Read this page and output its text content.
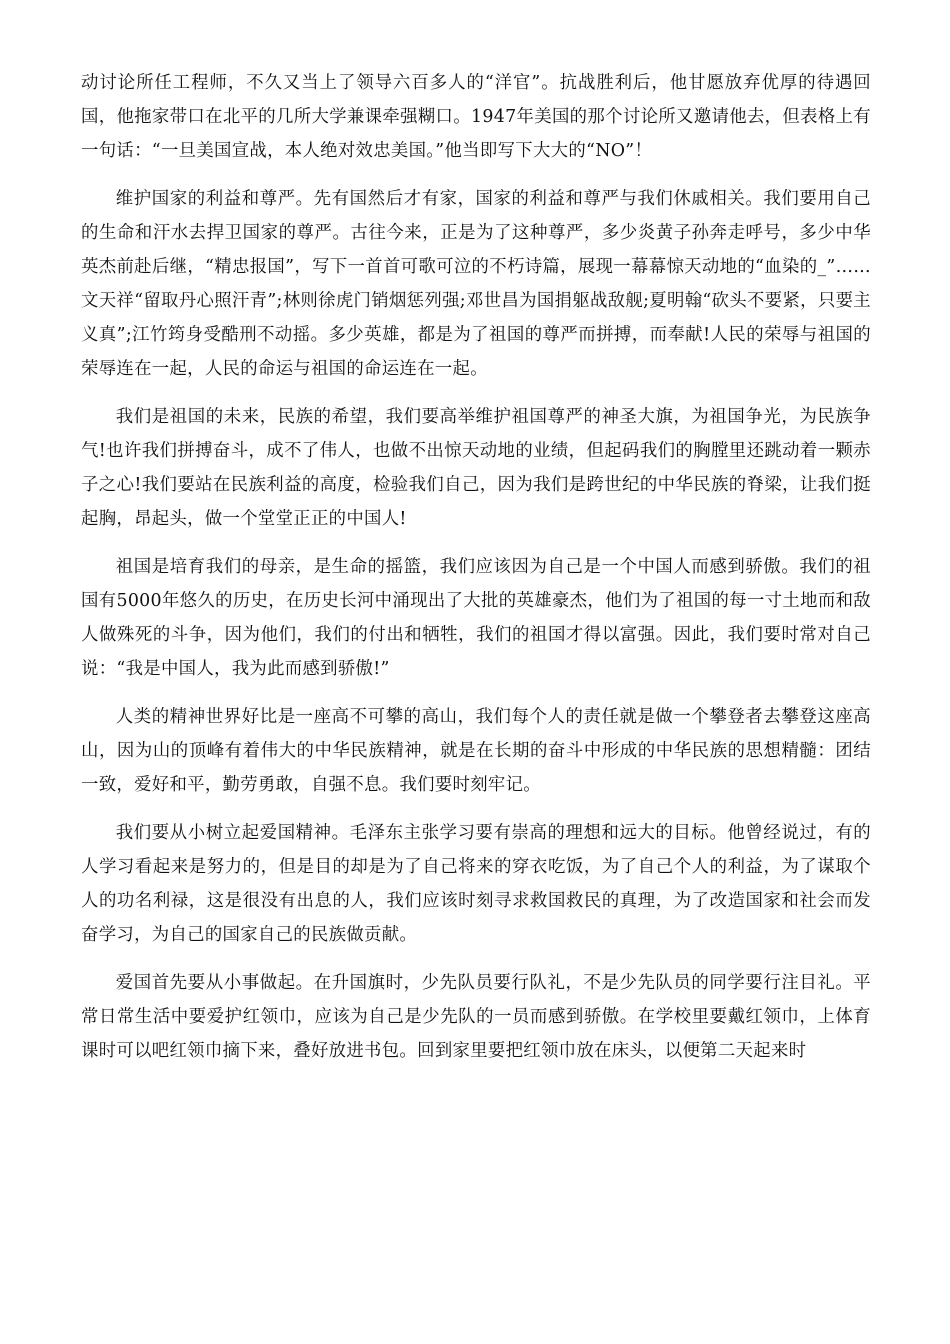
动讨论所任工程师，不久又当上了领导六百多人的“洋官”。抗战胜利后，他甘愿放弃优厚的待遇回国，他拖家带口在北平的几所大学兼课牵强糊口。1947年美国的那个讨论所又邀请他去，但表格上有一句话：“一旦美国宣战，本人绝对效忠美国。”他当即写下大大的“NO”！

维护国家的利益和尊严。先有国然后才有家，国家的利益和尊严与我们休戚相关。我们要用自己的生命和汗水去捍卫国家的尊严。古往今来，正是为了这种尊严，多少炎黄子孙奔走呼号，多少中华英杰前赴后继，“精忠报国”，写下一首首可歌可泣的不朽诗篇，展现一幕幕惊天动地的“血染的_”……文天祥“留取丹心照汗青”;林则徐虎门销烟惩列强;邓世昌为国捐躯战敌舰;夏明翰“砍头不要紧，只要主义真”;江竹筠身受酷刑不动摇。多少英雄，都是为了祖国的尊严而拼搏，而奉献!人民的荣辱与祖国的荣辱连在一起，人民的命运与祖国的命运连在一起。

我们是祖国的未来，民族的希望，我们要高举维护祖国尊严的神圣大旗，为祖国争光，为民族争气!也许我们拼搏奋斗，成不了伟人，也做不出惊天动地的业绩，但起码我们的胸膛里还跳动着一颗赤子之心!我们要站在民族利益的高度，检验我们自己，因为我们是跨世纪的中华民族的脊梁，让我们挺起胸，昂起头，做一个堂堂正正的中国人!

祖国是培育我们的母亲，是生命的摇篮，我们应该因为自己是一个中国人而感到骄傲。我们的祖国有5000年悠久的历史，在历史长河中涌现出了大批的英雄豪杰，他们为了祖国的每一寸土地而和敌人做殊死的斗争，因为他们，我们的付出和牺牲，我们的祖国才得以富强。因此，我们要时常对自己说：“我是中国人，我为此而感到骄傲!”

人类的精神世界好比是一座高不可攀的高山，我们每个人的责任就是做一个攀登者去攀登这座高山，因为山的顶峰有着伟大的中华民族精神，就是在长期的奋斗中形成的中华民族的思想精髓：团结一致，爱好和平，勤劳勇敢，自强不息。我们要时刻牢记。

我们要从小树立起爱国精神。毛泽东主张学习要有崇高的理想和远大的目标。他曾经说过，有的人学习看起来是努力的，但是目的却是为了自己将来的穿衣吃饭，为了自己个人的利益，为了谋取个人的功名利禄，这是很没有出息的人，我们应该时刻寻求救国救民的真理，为了改造国家和社会而发奋学习，为自己的国家自己的民族做贡献。

爱国首先要从小事做起。在升国旗时，少先队员要行队礼，不是少先队员的同学要行注目礼。平常日常生活中要爱护红领巾，应该为自己是少先队的一员而感到骄傲。在学校里要戴红领巾，上体育课时可以吧红领巾摘下来，叠好放进书包。回到家里要把红领巾放在床头，以便第二天起来时
